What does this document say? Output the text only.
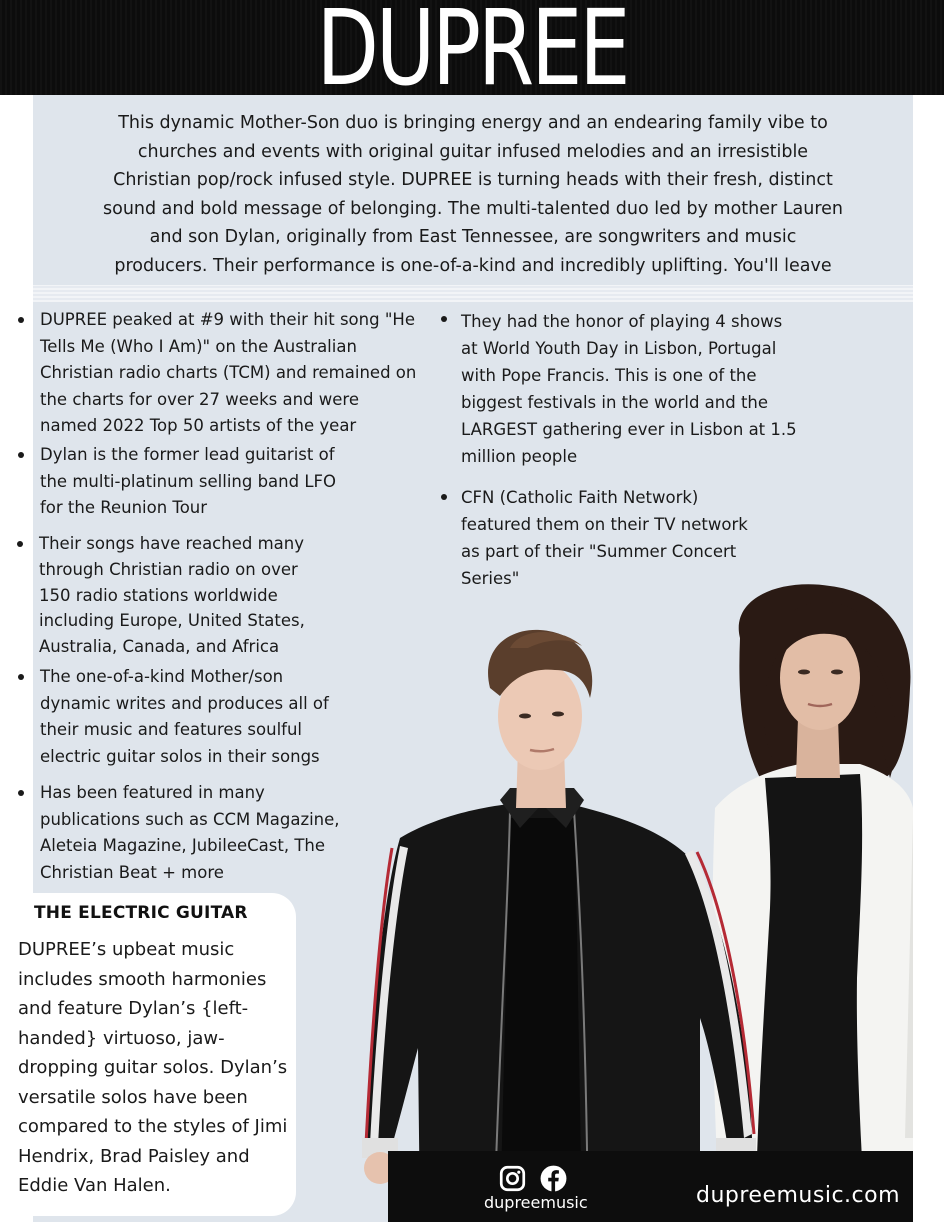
DUPREE

This dynamic Mother-Son duo is bringing energy and an endearing family vibe to churches and events with original guitar infused melodies and an irresistible Christian pop/rock infused style. DUPREE is turning heads with their fresh, distinct sound and bold message of belonging. The multi-talented duo led by mother Lauren and son Dylan, originally from East Tennessee, are songwriters and music producers. Their performance is one-of-a-kind and incredibly uplifting. You'll leave

DUPREE peaked at #9 with their hit song "He Tells Me (Who I Am)" on the Australian Christian radio charts (TCM) and remained on the charts for over 27 weeks and were named 2022 Top 50 artists of the year
Dylan is the former lead guitarist of the multi-platinum selling band LFO for the Reunion Tour
Their songs have reached many through Christian radio on over 150 radio stations worldwide including Europe, United States, Australia, Canada, and Africa
The one-of-a-kind Mother/son dynamic writes and produces all of their music and features soulful electric guitar solos in their songs
Has been featured in many publications such as CCM Magazine, Aleteia Magazine, JubileeCast, The Christian Beat + more
They had the honor of playing 4 shows at World Youth Day in Lisbon, Portugal with Pope Francis. This is one of the biggest festivals in the world and the LARGEST gathering ever in Lisbon at 1.5 million people
CFN (Catholic Faith Network) featured them on their TV network as part of their "Summer Concert Series"
THE ELECTRIC GUITAR

DUPREE’s upbeat music includes smooth harmonies and feature Dylan’s {left-handed} virtuoso, jaw-dropping guitar solos. Dylan’s versatile solos have been compared to the styles of Jimi Hendrix, Brad Paisley and Eddie Van Halen.

dupreemusic	dupreemusic.com
